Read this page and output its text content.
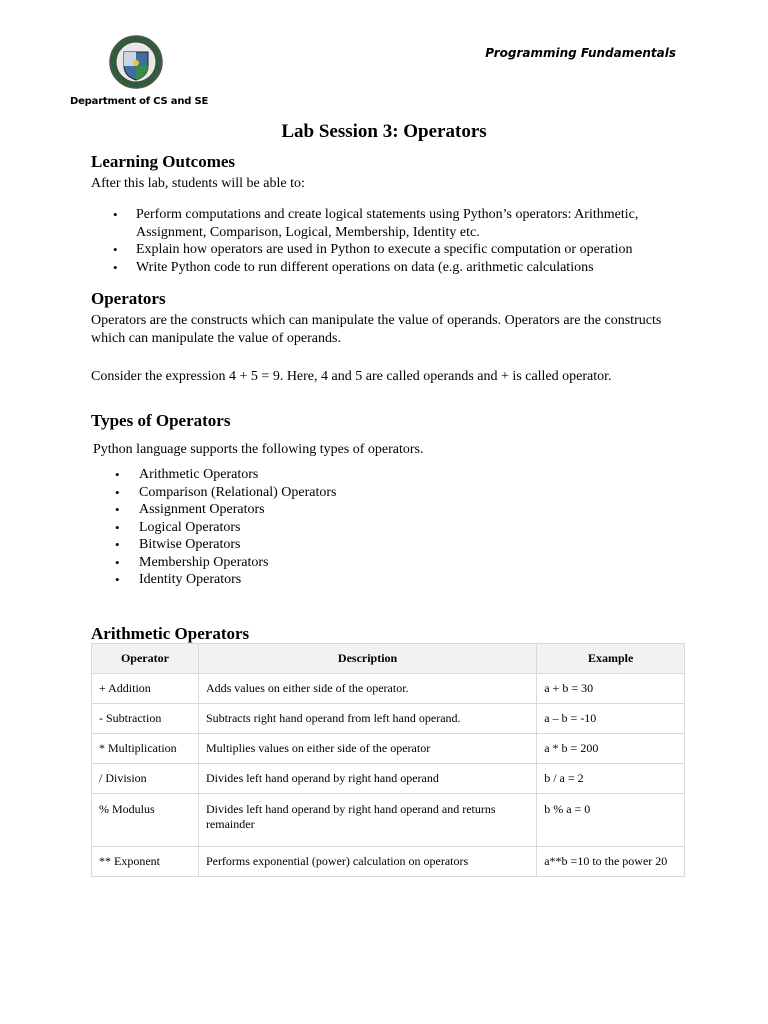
Department of CS and SE
Programming Fundamentals
Lab Session 3: Operators
Learning Outcomes
After this lab, students will be able to:
• Perform computations and create logical statements using Python’s operators: Arithmetic, Assignment, Comparison, Logical, Membership, Identity etc.
• Explain how operators are used in Python to execute a specific computation or operation
• Write Python code to run different operations on data (e.g. arithmetic calculations
Operators
Operators are the constructs which can manipulate the value of operands. Operators are the constructs which can manipulate the value of operands.
Consider the expression 4 + 5 = 9. Here, 4 and 5 are called operands and + is called operator.
Types of Operators
Python language supports the following types of operators.
• Arithmetic Operators
• Comparison (Relational) Operators
• Assignment Operators
• Logical Operators
• Bitwise Operators
• Membership Operators
• Identity Operators
Arithmetic Operators
Operator	Description	Example
+ Addition	Adds values on either side of the operator.	a + b = 30
- Subtraction	Subtracts right hand operand from left hand operand.	a – b = -10
* Multiplication	Multiplies values on either side of the operator	a * b = 200
/ Division	Divides left hand operand by right hand operand	b / a = 2
% Modulus	Divides left hand operand by right hand operand and returns remainder	b % a = 0
** Exponent	Performs exponential (power) calculation on operators	a**b =10 to the power 20
